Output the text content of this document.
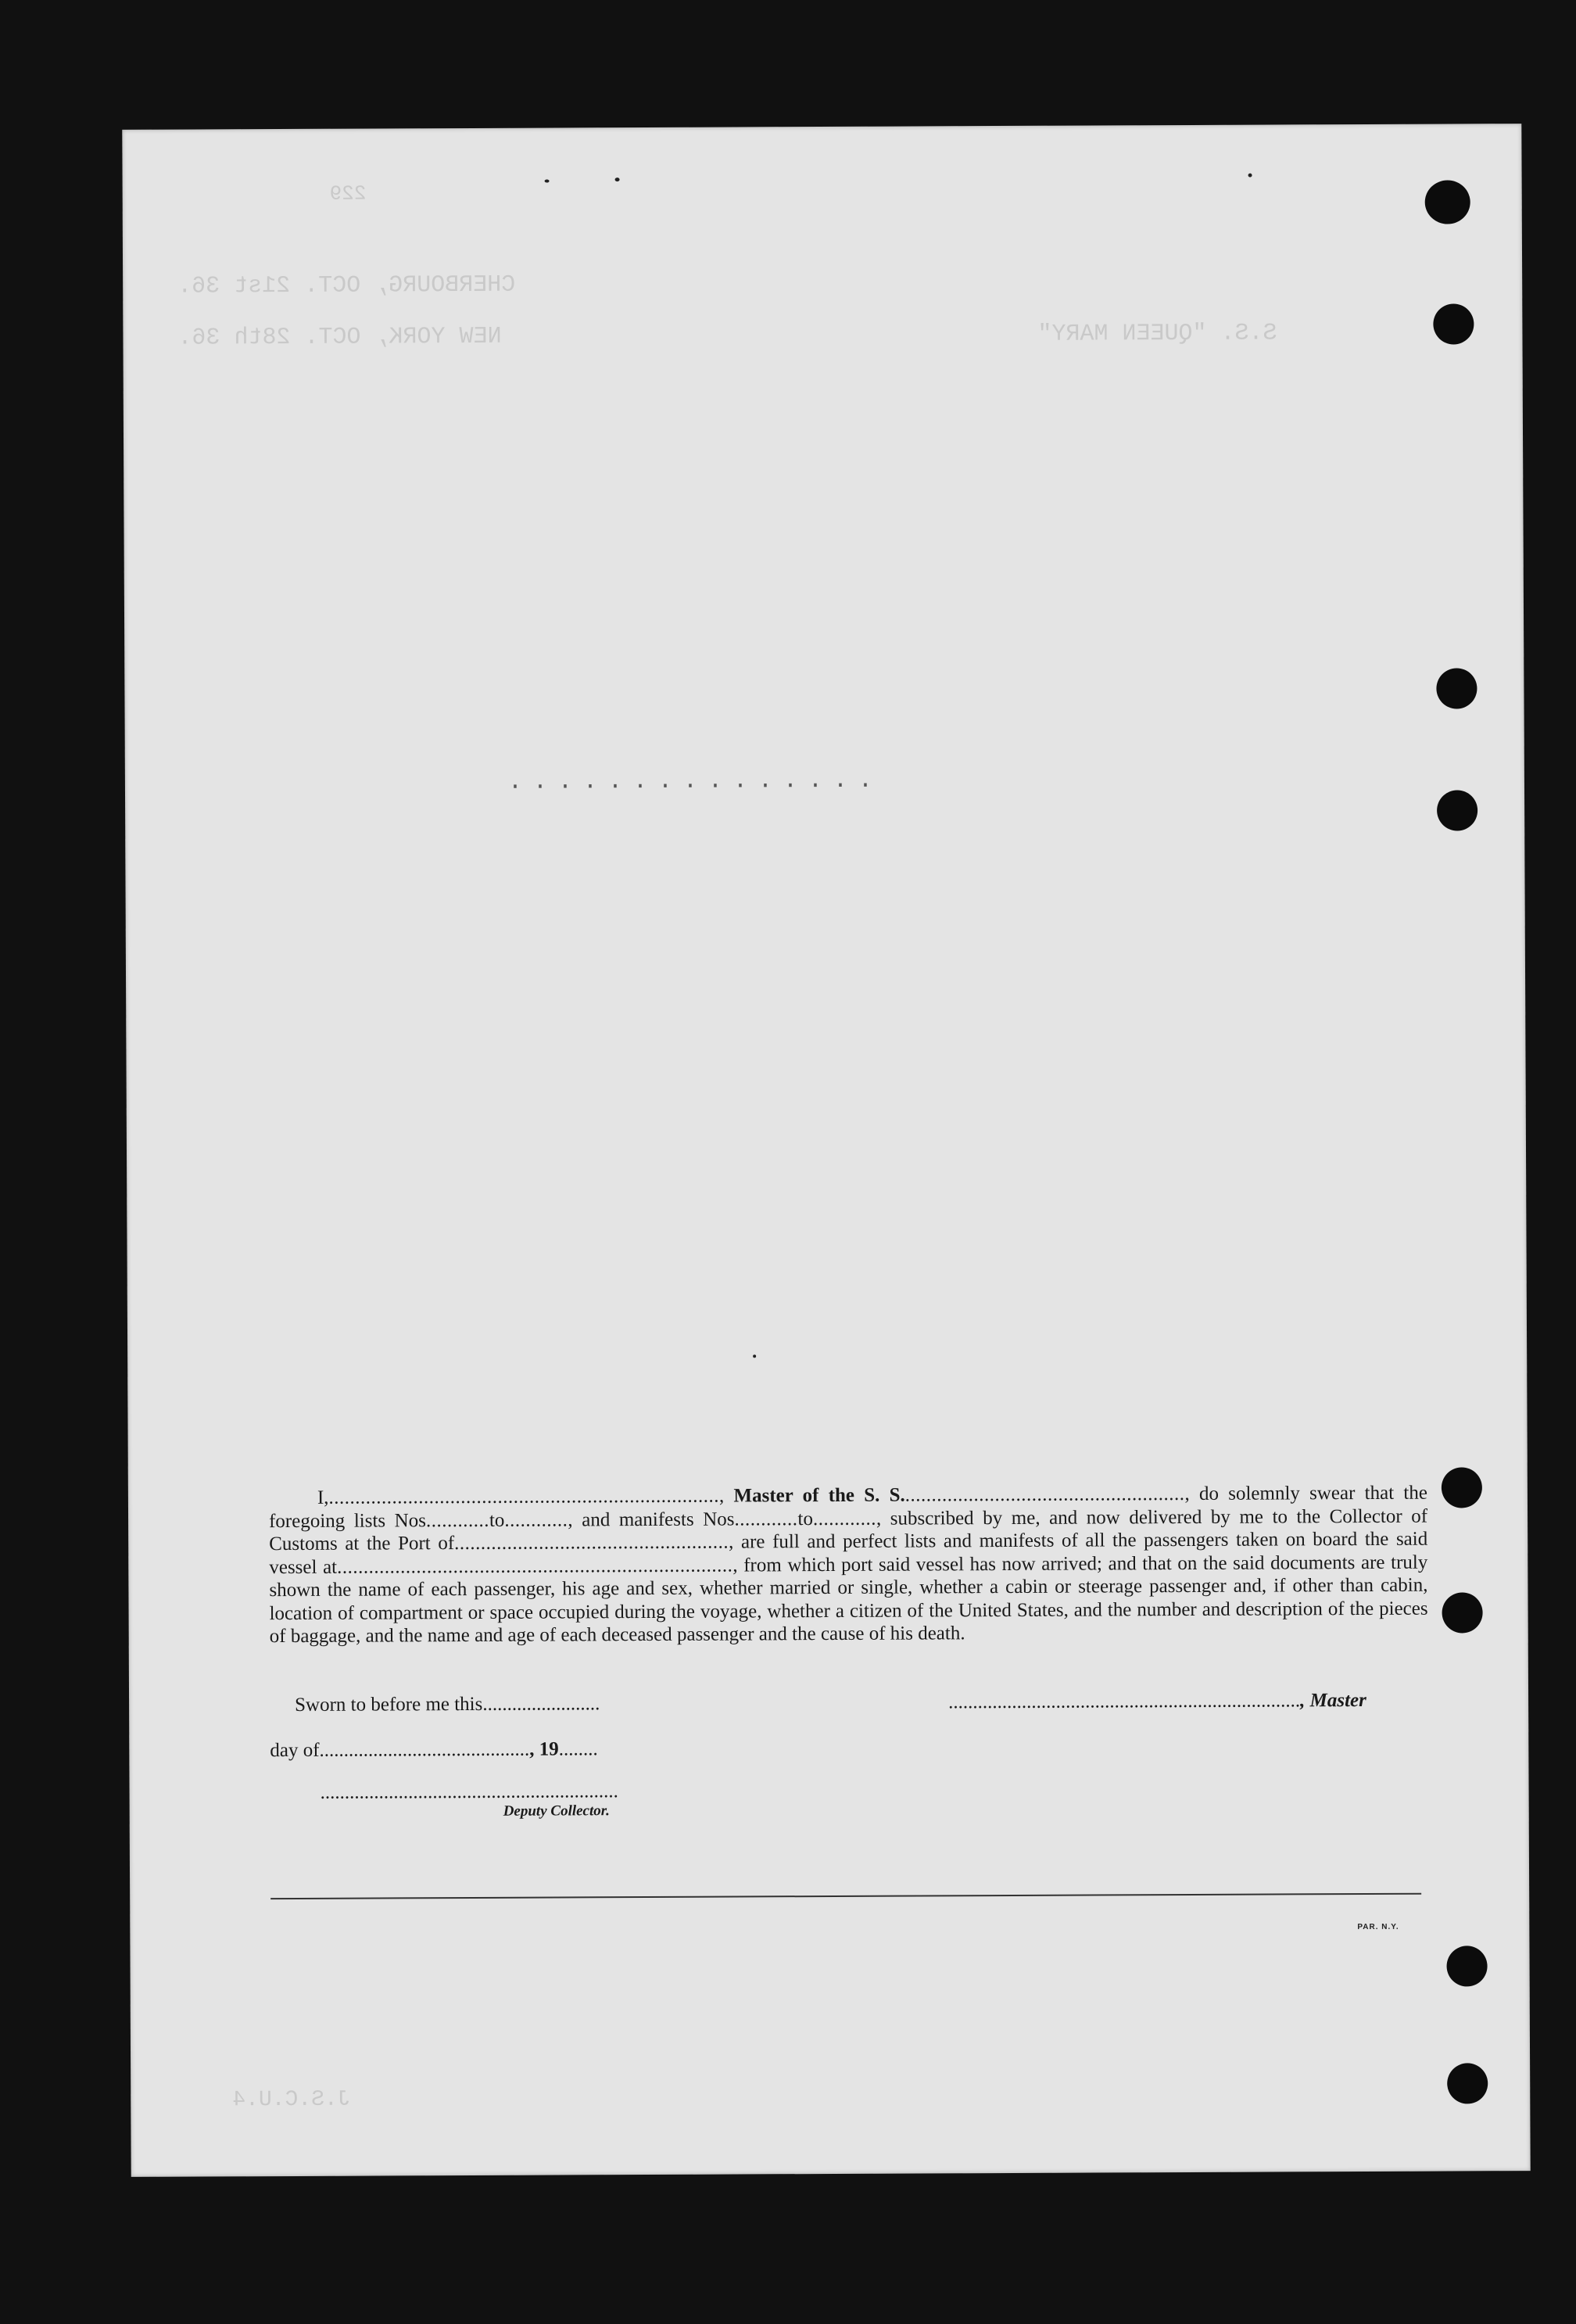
229
CHERBOURG, OCT. 21st 36.
NEW YORK, OCT. 28th 36.	S.S. "QUEEN MARY"
J.S.C.U.4
...............

I,.........................................................................., Master of the S. S......................................................, do solemnly swear that the foregoing lists Nos............to............, and manifests Nos............to............, subscribed by me, and now delivered by me to the Collector of Customs at the Port of...................................................., are full and perfect lists and manifests of all the passengers taken on board the said vessel at..........................................................................., from which port said vessel has now arrived; and that on the said documents are truly shown the name of each passenger, his age and sex, whether married or single, whether a cabin or steerage passenger and, if other than cabin, location of compartment or space occupied during the voyage, whether a citizen of the United States, and the number and description of the pieces of baggage, and the name and age of each deceased passenger and the cause of his death.

Sworn to before me this........................	........................................................................, Master
day of..........................................., 19........
.............................................................
Deputy Collector.
PAR. N.Y.
